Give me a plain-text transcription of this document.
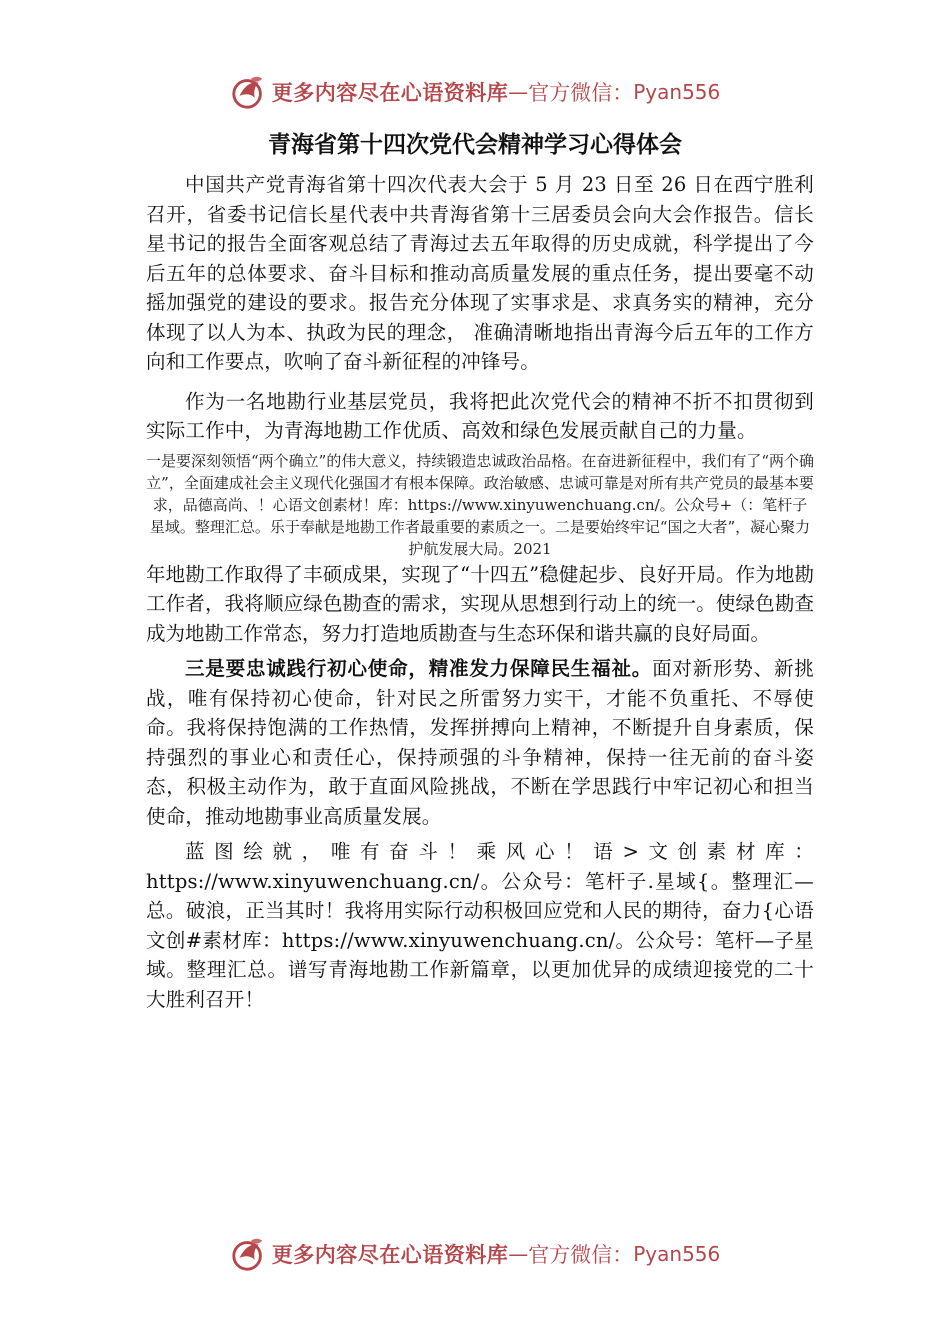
更多内容尽在心语资料库 — 官方微信： Pyan556
青海省第十四次党代会精神学习心得体会

中国共产党青海省第十四次代表大会于 5 月 23 日至 26 日在西宁胜利召开，省委书记信长星代表中共青海省第十三居委员会向大会作报告。信长星书记的报告全面客观总结了青海过去五年取得的历史成就，科学提出了今后五年的总体要求、奋斗目标和推动高质量发展的重点任务，提出要毫不动摇加强党的建设的要求。报告充分体现了实事求是、求真务实的精神，充分体现了以人为本、执政为民的理念， 准确清晰地指出青海今后五年的工作方向和工作要点，吹响了奋斗新征程的冲锋号。

作为一名地勘行业基层党员，我将把此次党代会的精神不折不扣贯彻到实际工作中，为青海地勘工作优质、高效和绿色发展贡献自己的力量。

一是要深刻领悟“两个确立”的伟大意义，持续锻造忠诚政治品格。在奋进新征程中，我们有了“两个确立”，全面建成社会主义现代化强国才有根本保障。政治敏感、忠诚可靠是对所有共产党员的最基本要求，品德高尚、！心语文创素材！库：https://www.xinyuwenchuang.cn/。公众号+（：笔杆子星域。整理汇总。乐于奉献是地勘工作者最重要的素质之一。二是要始终牢记“国之大者”，凝心聚力护航发展大局。2021

年地勘工作取得了丰硕成果，实现了“十四五”稳健起步、良好开局。作为地勘工作者，我将顺应绿色勘查的需求，实现从思想到行动上的统一。使绿色勘查成为地勘工作常态，努力打造地质勘查与生态环保和谐共赢的良好局面。

三是要忠诚践行初心使命，精准发力保障民生福祉。面对新形势、新挑战，唯有保持初心使命，针对民之所雷努力实干，才能不负重托、不辱使命。我将保持饱满的工作热情，发挥拼搏向上精神，不断提升自身素质，保持强烈的事业心和责任心，保持顽强的斗争精神，保持一往无前的奋斗姿态，积极主动作为，敢于直面风险挑战，不断在学思践行中牢记初心和担当使命，推动地勘事业高质量发展。

蓝图绘就，唯有奋斗！乘风心！语>文创素材库：https://www.xinyuwenchuang.cn/。公众号：笔杆子.星域{。整理汇—总。破浪，正当其时！我将用实际行动积极回应党和人民的期待，奋力{心语文创#素材库：https://www.xinyuwenchuang.cn/。公众号：笔杆—子星域。整理汇总。谱写青海地勘工作新篇章，以更加优异的成绩迎接党的二十大胜利召开！

更多内容尽在心语资料库 — 官方微信： Pyan556
